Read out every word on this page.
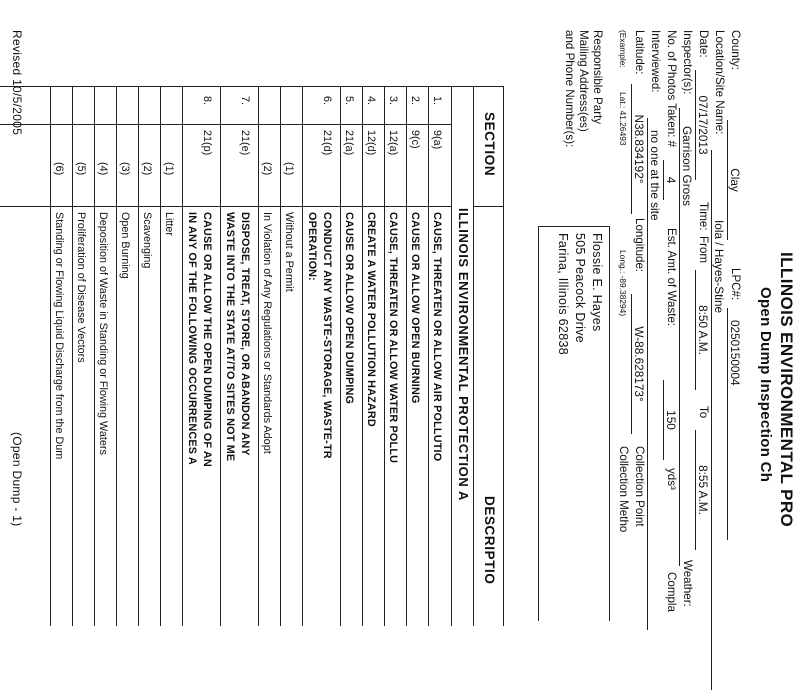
ILLINOIS ENVIRONMENTAL PRO
Open Dump Inspection Ch
County:
Clay
LPC#:
0250150004
Location/Site Name:
Iola / Hayes-Stine
Date:
07/17/2013
Time:
From
8:50 A.M.
To
8:55 A.M.
Inspector(s):
Garrison Gross
Weather:
No. of Photos Taken: #
4
Est. Amt. of Waste:
150
yds³
Compla
Interviewed:
no one at the site
Latitude:
N38.834192°
Longitude:
W-88.628173°
Collection Point
(Example:
Lat.: 41.26493
Long.: -89.38294)
Collection Metho
Responsible Party
Mailing Address(es)
and Phone Number(s):
Flossie E. Hayes
505 Peacock Drive
Farina, Illinois 62838
SECTION
DESCRIPTIO
ILLINOIS ENVIRONMENTAL PROTECTION A
1.
9(a)
CAUSE, THREATEN OR ALLOW AIR POLLUTIO
2.
9(c)
CAUSE OR ALLOW OPEN BURNING
3.
12(a)
CAUSE, THREATEN OR ALLOW WATER POLLU
4.
12(d)
CREATE A WATER POLLUTION HAZARD
5.
21(a)
CAUSE OR ALLOW OPEN DUMPING
6.
21(d)
CONDUCT ANY WASTE-STORAGE, WASTE-TR
OPERATION:
(1)
Without a Permit
(2)
In Violation of Any Regulations or Standards Adopt
7.
21(e)
DISPOSE, TREAT, STORE, OR ABANDON ANY
WASTE INTO THE STATE AT/TO SITES NOT ME
8.
21(p)
CAUSE OR ALLOW THE OPEN DUMPING OF AN
IN ANY OF THE FOLLOWING OCCURRENCES A
(1)
Litter
(2)
Scavenging
(3)
Open Burning
(4)
Deposition of Waste in Standing or Flowing Waters
(5)
Proliferation of Disease Vectors
(6)
Standing or Flowing Liquid Discharge from the Dum
Revised 10/5/2005
(Open Dump - 1)
